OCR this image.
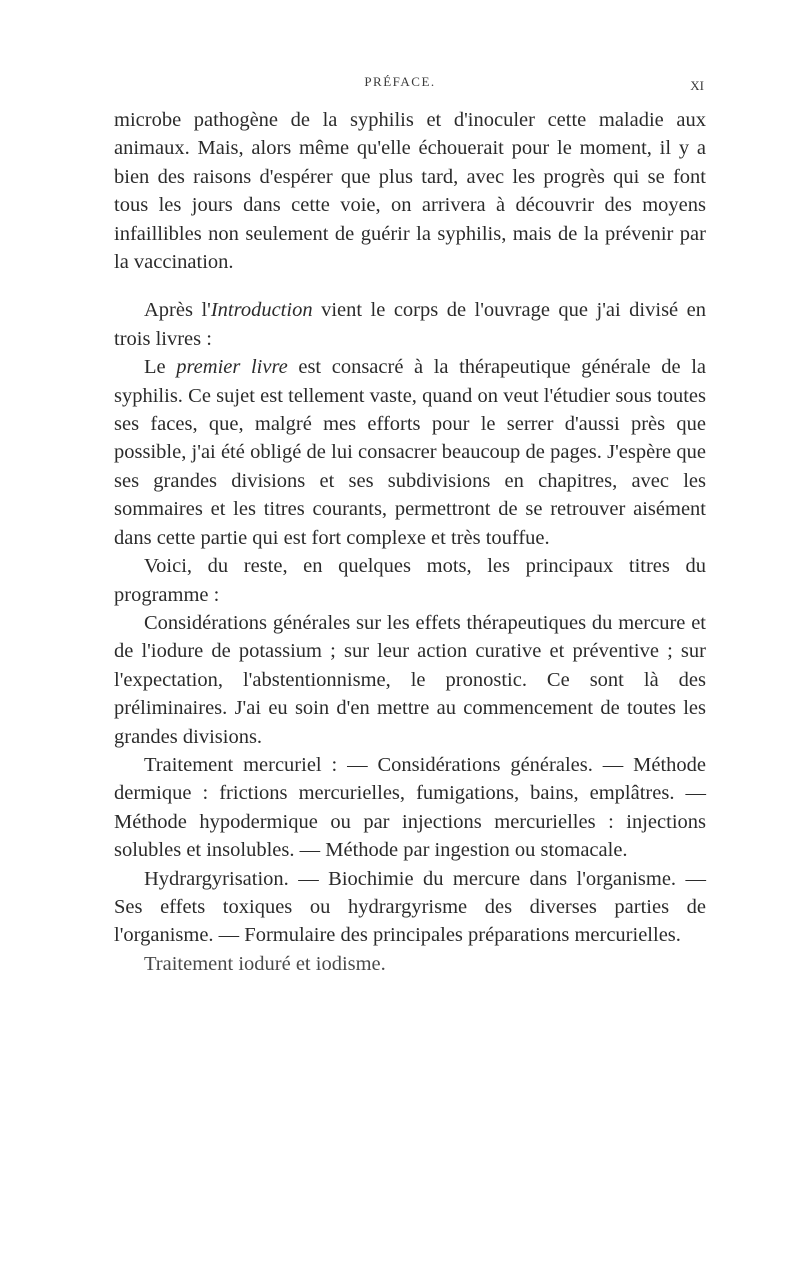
PRÉFACE.	XI

microbe pathogène de la syphilis et d'inoculer cette maladie aux animaux. Mais, alors même qu'elle échouerait pour le moment, il y a bien des raisons d'espérer que plus tard, avec les progrès qui se font tous les jours dans cette voie, on arrivera à découvrir des moyens infaillibles non seulement de guérir la syphilis, mais de la prévenir par la vaccination.

Après l'Introduction vient le corps de l'ouvrage que j'ai divisé en trois livres :

Le premier livre est consacré à la thérapeutique générale de la syphilis. Ce sujet est tellement vaste, quand on veut l'étudier sous toutes ses faces, que, malgré mes efforts pour le serrer d'aussi près que possible, j'ai été obligé de lui consacrer beaucoup de pages. J'espère que ses grandes divisions et ses subdivisions en chapitres, avec les sommaires et les titres courants, permettront de se retrouver aisément dans cette partie qui est fort complexe et très touffue.

Voici, du reste, en quelques mots, les principaux titres du programme :

Considérations générales sur les effets thérapeutiques du mercure et de l'iodure de potassium ; sur leur action curative et préventive ; sur l'expectation, l'abstentionnisme, le pronostic. Ce sont là des préliminaires. J'ai eu soin d'en mettre au commencement de toutes les grandes divisions.

Traitement mercuriel : — Considérations générales. — Méthode dermique : frictions mercurielles, fumigations, bains, emplâtres. — Méthode hypodermique ou par injections mercurielles : injections solubles et insolubles. — Méthode par ingestion ou stomacale.

Hydrargyrisation. — Biochimie du mercure dans l'organisme. — Ses effets toxiques ou hydrargyrisme des diverses parties de l'organisme. — Formulaire des principales préparations mercurielles.

Traitement ioduré et iodisme.
